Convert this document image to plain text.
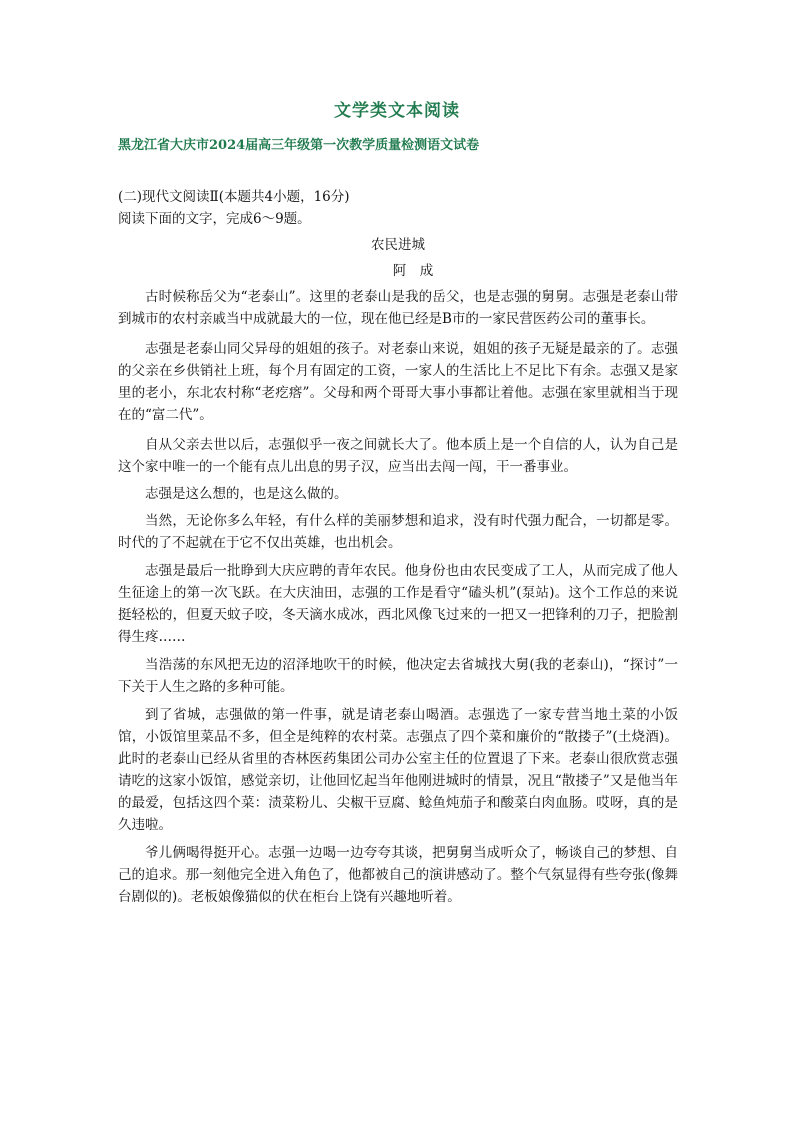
文学类文本阅读
黑龙江省大庆市2024届高三年级第一次教学质量检测语文试卷

(二)现代文阅读Ⅱ(本题共4小题，16分)

阅读下面的文字，完成6～9题。

农民进城

阿　成

古时候称岳父为“老泰山”。这里的老泰山是我的岳父，也是志强的舅舅。志强是老泰山带到城市的农村亲戚当中成就最大的一位，现在他已经是B市的一家民营医药公司的董事长。

志强是老泰山同父异母的姐姐的孩子。对老泰山来说，姐姐的孩子无疑是最亲的了。志强的父亲在乡供销社上班，每个月有固定的工资，一家人的生活比上不足比下有余。志强又是家里的老小，东北农村称“老疙瘩”。父母和两个哥哥大事小事都让着他。志强在家里就相当于现在的“富二代”。

自从父亲去世以后，志强似乎一夜之间就长大了。他本质上是一个自信的人，认为自己是这个家中唯一的一个能有点儿出息的男子汉，应当出去闯一闯，干一番事业。

志强是这么想的，也是这么做的。

当然，无论你多么年轻，有什么样的美丽梦想和追求，没有时代强力配合，一切都是零。时代的了不起就在于它不仅出英雄，也出机会。

志强是最后一批睁到大庆应聘的青年农民。他身份也由农民变成了工人，从而完成了他人生征途上的第一次飞跃。在大庆油田，志强的工作是看守“磕头机”(泵站)。这个工作总的来说挺轻松的，但夏天蚊子咬，冬天滴水成冰，西北风像飞过来的一把又一把锋利的刀子，把脸割得生疼……

当浩荡的东风把无边的沼泽地吹干的时候，他决定去省城找大舅(我的老泰山)，“探讨”一下关于人生之路的多种可能。

到了省城，志强做的第一件事，就是请老泰山喝酒。志强选了一家专营当地土菜的小饭馆，小饭馆里菜品不多，但全是纯粹的农村菜。志强点了四个菜和廉价的“散搂子”(土烧酒)。此时的老泰山已经从省里的杏林医药集团公司办公室主任的位置退了下来。老泰山很欣赏志强请吃的这家小饭馆，感觉亲切，让他回忆起当年他刚进城时的情景，况且“散搂子”又是他当年的最爱，包括这四个菜：渍菜粉儿、尖椒干豆腐、鲶鱼炖茄子和酸菜白肉血肠。哎呀，真的是久违啦。

爷儿俩喝得挺开心。志强一边喝一边夸夸其谈，把舅舅当成听众了，畅谈自己的梦想、自己的追求。那一刻他完全进入角色了，他都被自己的演讲感动了。整个气氛显得有些夸张(像舞台剧似的)。老板娘像猫似的伏在柜台上饶有兴趣地听着。
